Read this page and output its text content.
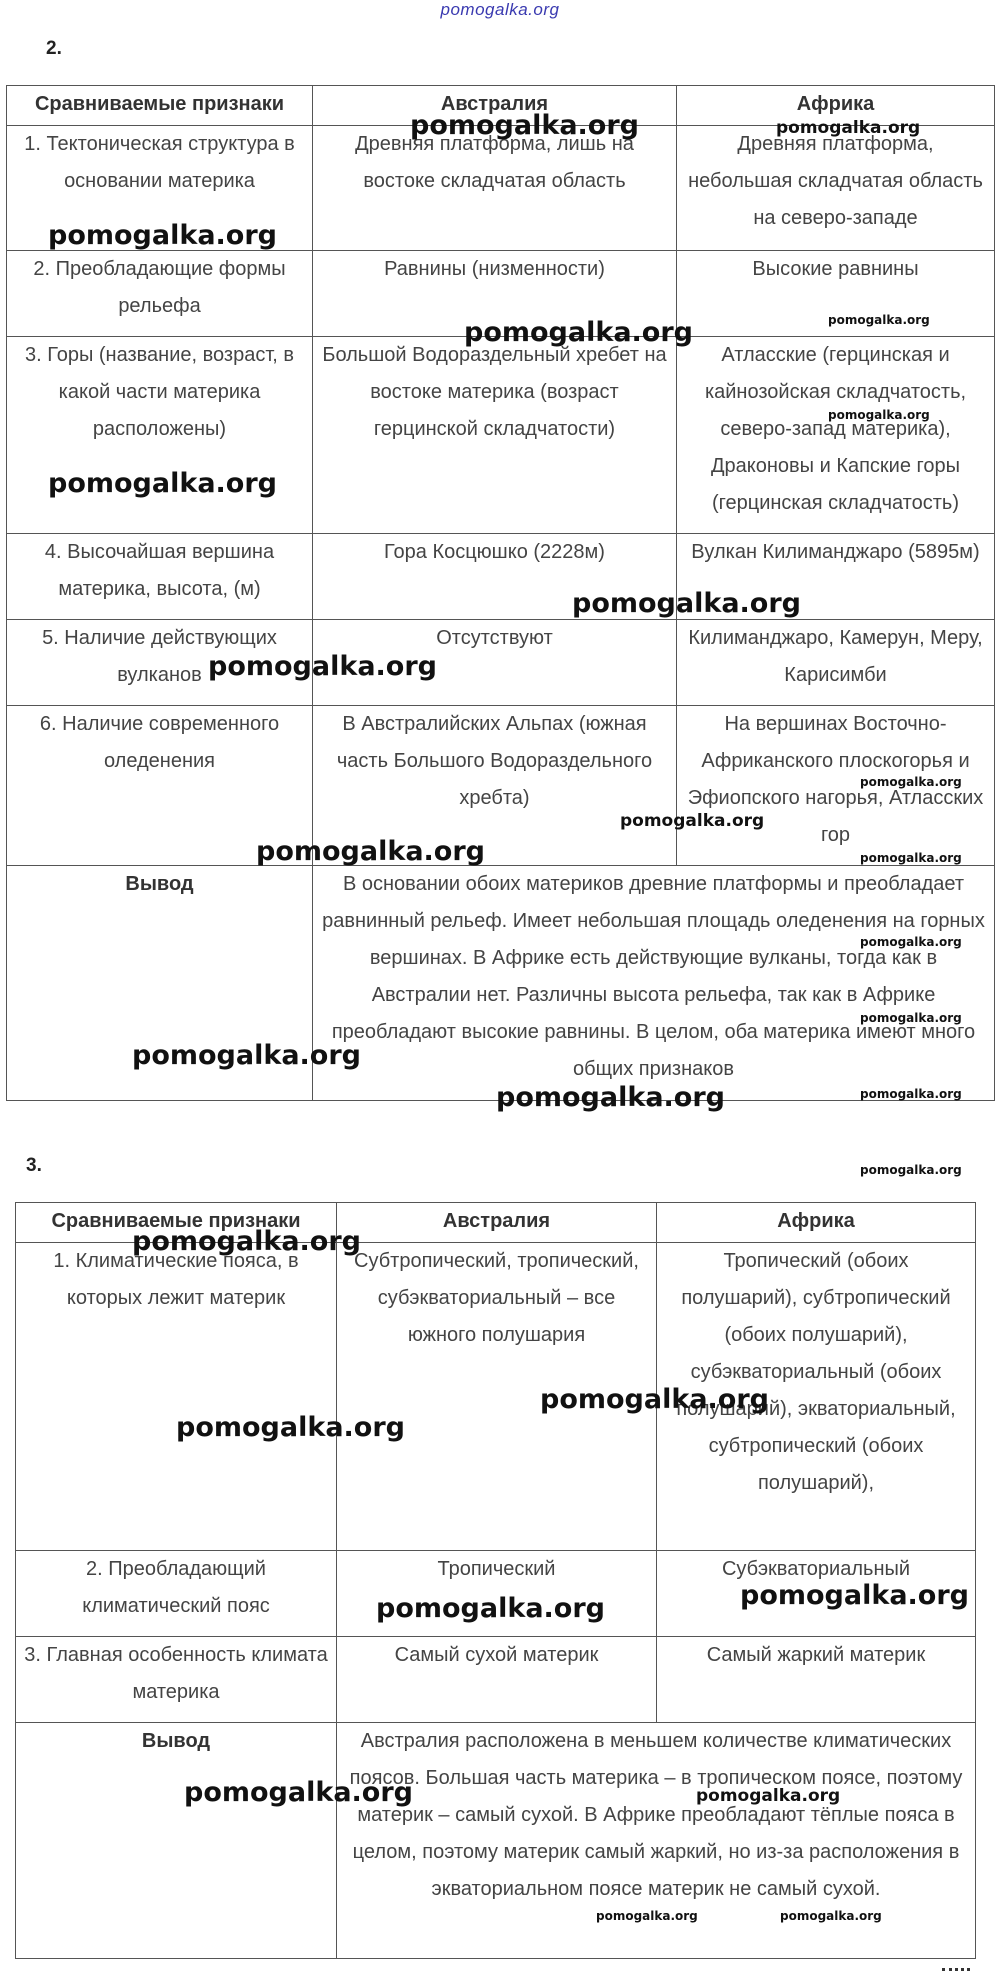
pomogalka.org
2.
Сравниваемые признаки	Австралия	Африка
1. Тектоническая структура в основании материка	Древняя платформа, лишь на востоке складчатая область	Древняя платформа, небольшая складчатая область на северо-западе
2. Преобладающие формы рельефа	Равнины (низменности)	Высокие равнины
3. Горы (название, возраст, в какой части материка расположены)	Большой Водораздельный хребет на востоке материка (возраст герцинской складчатости)	Атласские (герцинская и кайнозойская складчатость, северо-запад материка), Драконовы и Капские горы (герцинская складчатость)
4. Высочайшая вершина материка, высота, (м)	Гора Косцюшко (2228м)	Вулкан Килиманджаро (5895м)
5. Наличие действующих вулканов	Отсутствуют	Килиманджаро, Камерун, Меру, Карисимби
6. Наличие современного оледенения	В Австралийских Альпах (южная часть Большого Водораздельного хребта)	На вершинах Восточно-Африканского плоскогорья и Эфиопского нагорья, Атласских гор
Вывод	В основании обоих материков древние платформы и преобладает равнинный рельеф. Имеет небольшая площадь оледенения на горных вершинах. В Африке есть действующие вулканы, тогда как в Австралии нет. Различны высота рельефа, так как в Африке преобладают высокие равнины. В целом, оба материка имеют много общих признаков	
3.
Сравниваемые признаки	Австралия	Африка
1. Климатические пояса, в которых лежит материк	Субтропический, тропический, субэкваториальный – все южного полушария	Тропический (обоих полушарий), субтропический (обоих полушарий), субэкваториальный (обоих полушарий), экваториальный, субтропический (обоих полушарий),
2. Преобладающий климатический пояс	Тропический	Субэкваториальный
3. Главная особенность климата материка	Самый сухой материк	Самый жаркий материк
Вывод	Австралия расположена в меньшем количестве климатических поясов. Большая часть материка – в тропическом поясе, поэтому материк – самый сухой. В Африке преобладают тёплые пояса в целом, поэтому материк самый жаркий, но из-за расположения в экваториальном поясе материк не самый сухой.	
pomogalka.org	pomogalka.org
pomogalka.org
pomogalka.org
pomogalka.org
pomogalka.org
pomogalka.org
pomogalka.org
pomogalka.org
pomogalka.org
pomogalka.org
pomogalka.org	pomogalka.org
pomogalka.org
pomogalka.org
pomogalka.org
pomogalka.org
pomogalka.org
pomogalka.org
pomogalka.org
pomogalka.org
pomogalka.org
pomogalka.org
pomogalka.org
pomogalka.org	pomogalka.org
pomogalka.org	pomogalka.org
